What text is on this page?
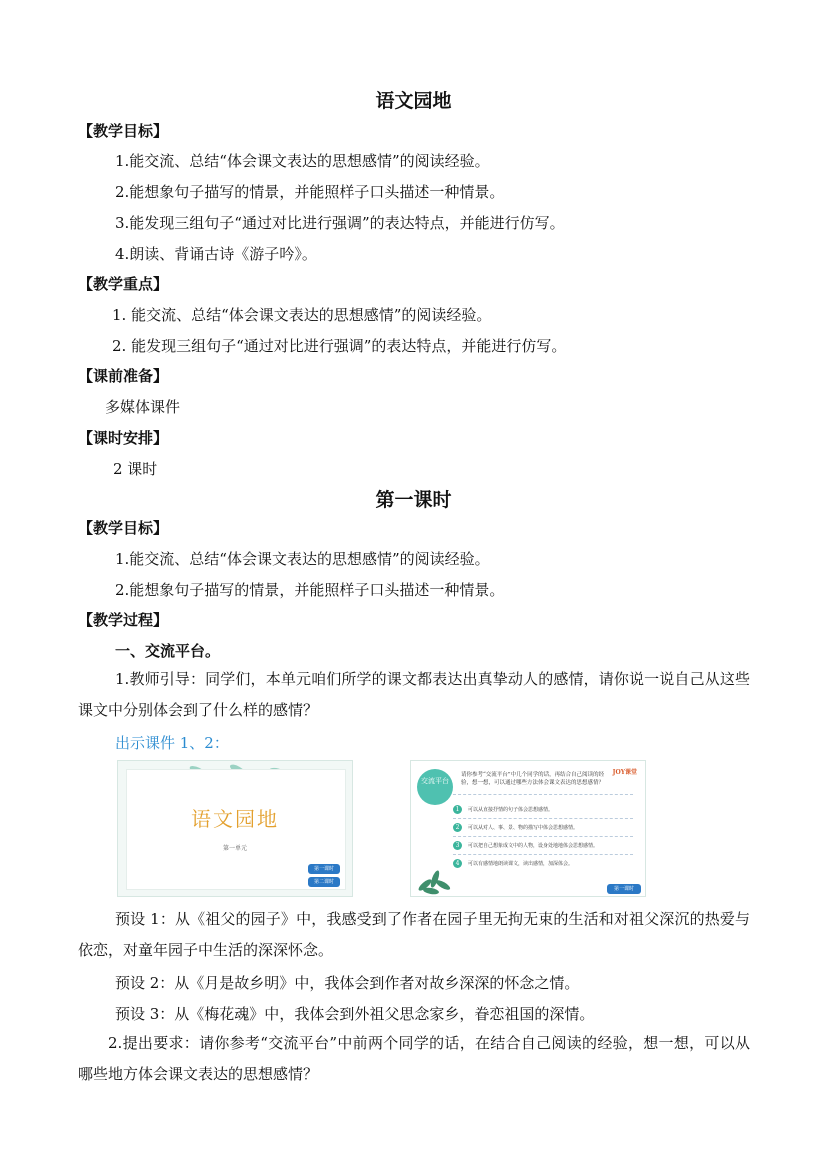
语文园地
【教学目标】
1.能交流、总结“体会课文表达的思想感情”的阅读经验。
2.能想象句子描写的情景，并能照样子口头描述一种情景。
3.能发现三组句子“通过对比进行强调”的表达特点，并能进行仿写。
4.朗读、背诵古诗《游子吟》。
【教学重点】
1. 能交流、总结“体会课文表达的思想感情”的阅读经验。
2. 能发现三组句子“通过对比进行强调”的表达特点，并能进行仿写。
【课前准备】
多媒体课件
【课时安排】
2 课时
第一课时
【教学目标】
1.能交流、总结“体会课文表达的思想感情”的阅读经验。
2.能想象句子描写的情景，并能照样子口头描述一种情景。
【教学过程】
一、交流平台。
1.教师引导：同学们，本单元咱们所学的课文都表达出真挚动人的感情，请你说一说自己从这些课文中分别体会到了什么样的感情？
出示课件 1、2：
语文园地
第一单元
第一课时
第二课时
交流平台
JOY课堂
请你参考“交流平台”中几个同学的话，再结合自己阅读的经验，想一想，可以通过哪些方法体会课文表达的思想感情？
1 可以从直接抒情的句子体会思想感情。
2 可以从对人、事、景、物的描写中体会思想感情。
3 可以把自己想象成文中的人物，设身处地地体会思想感情。
4 可以有感情地朗读课文，读出感情，加深体会。
第一课时
预设 1：从《祖父的园子》中，我感受到了作者在园子里无拘无束的生活和对祖父深沉的热爱与依恋，对童年园子中生活的深深怀念。
预设 2：从《月是故乡明》中，我体会到作者对故乡深深的怀念之情。
预设 3：从《梅花魂》中，我体会到外祖父思念家乡，眷恋祖国的深情。
2.提出要求：请你参考“交流平台”中前两个同学的话，在结合自己阅读的经验，想一想，可以从哪些地方体会课文表达的思想感情？
